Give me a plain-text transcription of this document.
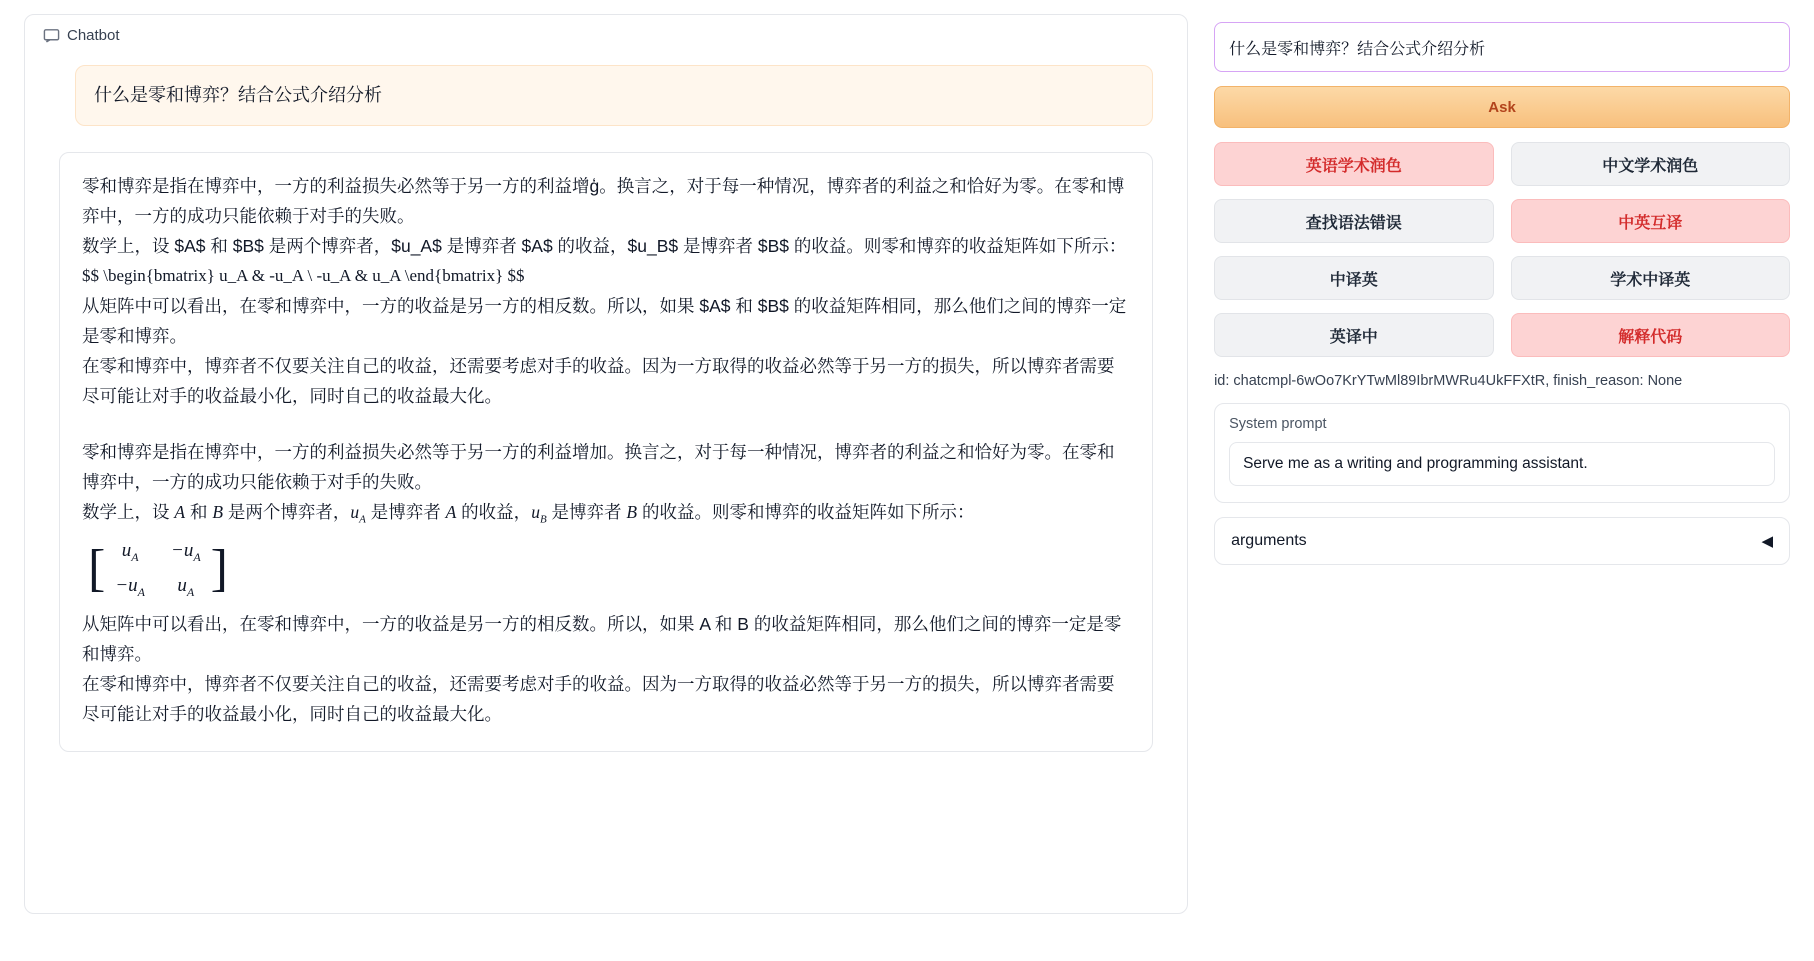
Chatbot
什么是零和博弈？结合公式介绍分析

零和博弈是指在博弈中，一方的利益损失必然等于另一方的利益增ģ。换言之，对于每一种情况，博弈者的利益之和恰好为零。在零和博弈中，一方的成功只能依赖于对手的失败。

数学上，设 $A$ 和 $B$ 是两个博弈者，$u_A$ 是博弈者 $A$ 的收益，$u_B$ 是博弈者 $B$ 的收益。则零和博弈的收益矩阵如下所示：

$$ \begin{bmatrix} u_A & -u_A \ -u_A & u_A \end{bmatrix} $$

从矩阵中可以看出，在零和博弈中，一方的收益是另一方的相反数。所以，如果 $A$ 和 $B$ 的收益矩阵相同，那么他们之间的博弈一定是零和博弈。

在零和博弈中，博弈者不仅要关注自己的收益，还需要考虑对手的收益。因为一方取得的收益必然等于另一方的损失，所以博弈者需要尽可能让对手的收益最小化，同时自己的收益最大化。

零和博弈是指在博弈中，一方的利益损失必然等于另一方的利益增加。换言之，对于每一种情况，博弈者的利益之和恰好为零。在零和博弈中，一方的成功只能依赖于对手的失败。

数学上，设 A 和 B 是两个博弈者，$u_A$ 是博弈者 A 的收益，$u_B$ 是博弈者 B 的收益。则零和博弈的收益矩阵如下所示：

[ $u_A$	$-u_A$
$-u_A$	$u_A$ ]

从矩阵中可以看出，在零和博弈中，一方的收益是另一方的相反数。所以，如果 A 和 B 的收益矩阵相同，那么他们之间的博弈一定是零和博弈。

在零和博弈中，博弈者不仅要关注自己的收益，还需要考虑对手的收益。因为一方取得的收益必然等于另一方的损失，所以博弈者需要尽可能让对手的收益最小化，同时自己的收益最大化。

什么是零和博弈？结合公式介绍分析
Ask
英语学术润色	中文学术润色
查找语法错误	中英互译
中译英	学术中译英
英译中	解释代码
id: chatcmpl-6wOo7KrYTwMl89IbrMWRu4UkFFXtR, finish_reason: None
System prompt
Serve me as a writing and programming assistant.
arguments	◀
